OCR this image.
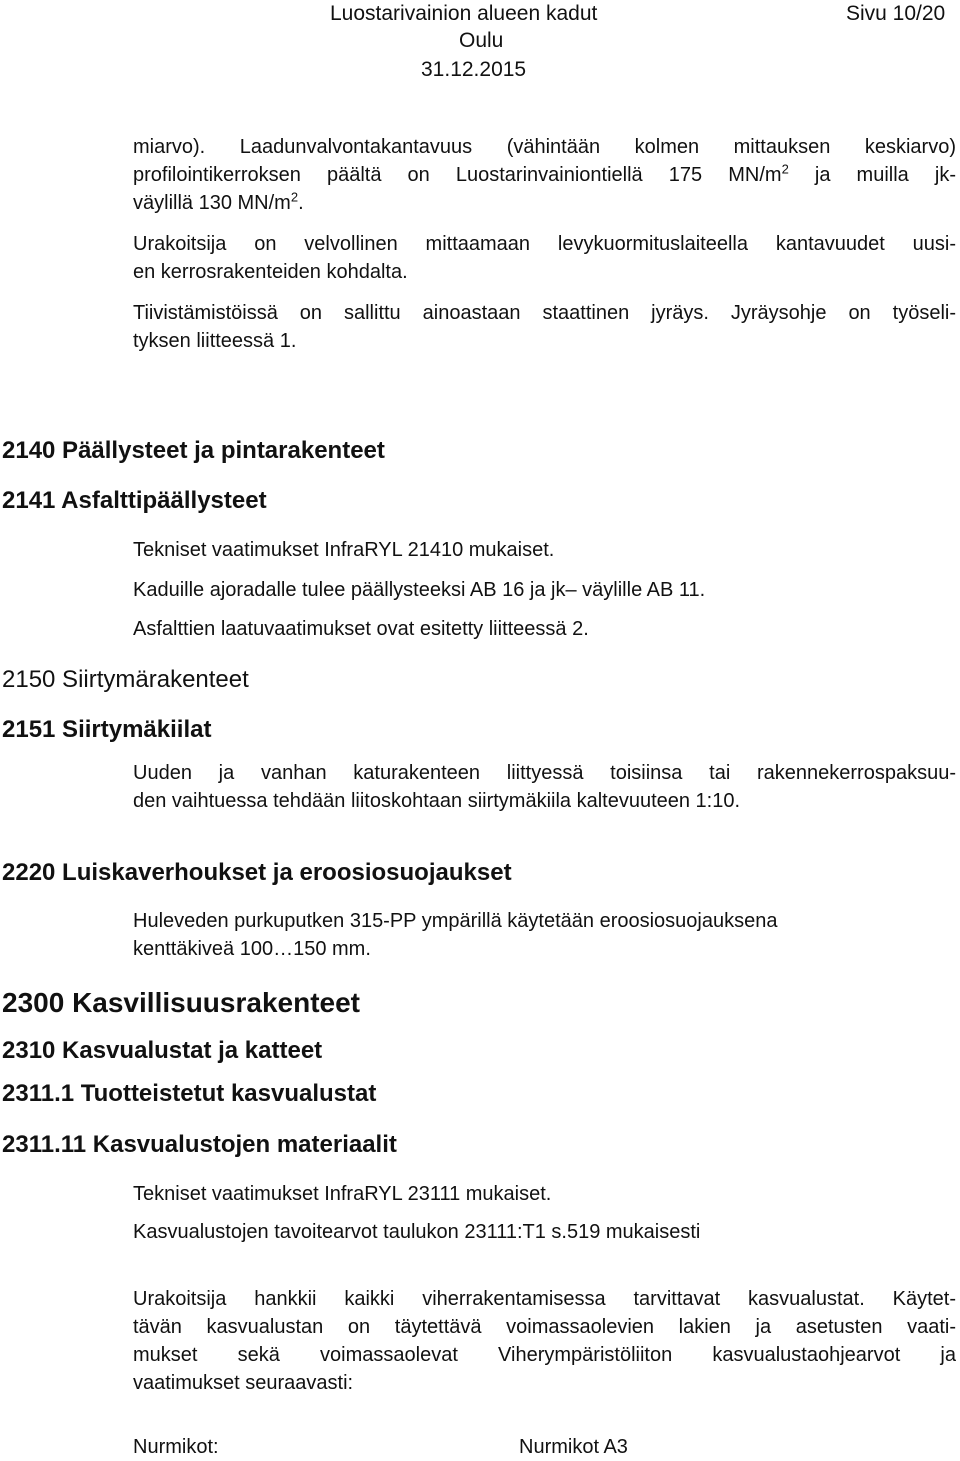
Luostarivainion alueen kadut	Sivu 10/20
Oulu
31.12.2015
miarvo). Laadunvalvontakantavuus (vähintään kolmen mittauksen keskiarvo)
profilointikerroksen päältä on Luostarinvainiontiellä 175 $MN/m^2$ ja muilla jk-
väylillä 130 $MN/m^2$.
Urakoitsija on velvollinen mittaamaan levykuormituslaiteella kantavuudet uusi-
en kerrosrakenteiden kohdalta.
Tiivistämistöissä on sallittu ainoastaan staattinen jyräys. Jyräysohje on työseli-
tyksen liitteessä 1.
2140 Päällysteet ja pintarakenteet
2141 Asfalttipäällysteet
Tekniset vaatimukset InfraRYL 21410 mukaiset.
Kaduille ajoradalle tulee päällysteeksi AB 16 ja jk– väylille AB 11.
Asfalttien laatuvaatimukset ovat esitetty liitteessä 2.
2150 Siirtymärakenteet
2151 Siirtymäkiilat
Uuden ja vanhan katurakenteen liittyessä toisiinsa tai rakennekerrospaksuu-
den vaihtuessa tehdään liitoskohtaan siirtymäkiila kaltevuuteen 1:10.
2220 Luiskaverhoukset ja eroosiosuojaukset
Huleveden purkuputken 315-PP ympärillä käytetään eroosiosuojauksena
kenttäkiveä 100…150 mm.
2300 Kasvillisuusrakenteet
2310 Kasvualustat ja katteet
2311.1 Tuotteistetut kasvualustat
2311.11 Kasvualustojen materiaalit
Tekniset vaatimukset InfraRYL 23111 mukaiset.
Kasvualustojen tavoitearvot taulukon 23111:T1 s.519 mukaisesti
Urakoitsija hankkii kaikki viherrakentamisessa tarvittavat kasvualustat. Käytet-
tävän kasvualustan on täytettävä voimassaolevien lakien ja asetusten vaati-
mukset sekä voimassaolevat Viherympäristöliiton kasvualustaohjearvot ja
vaatimukset seuraavasti:
Nurmikot:	Nurmikot A3
